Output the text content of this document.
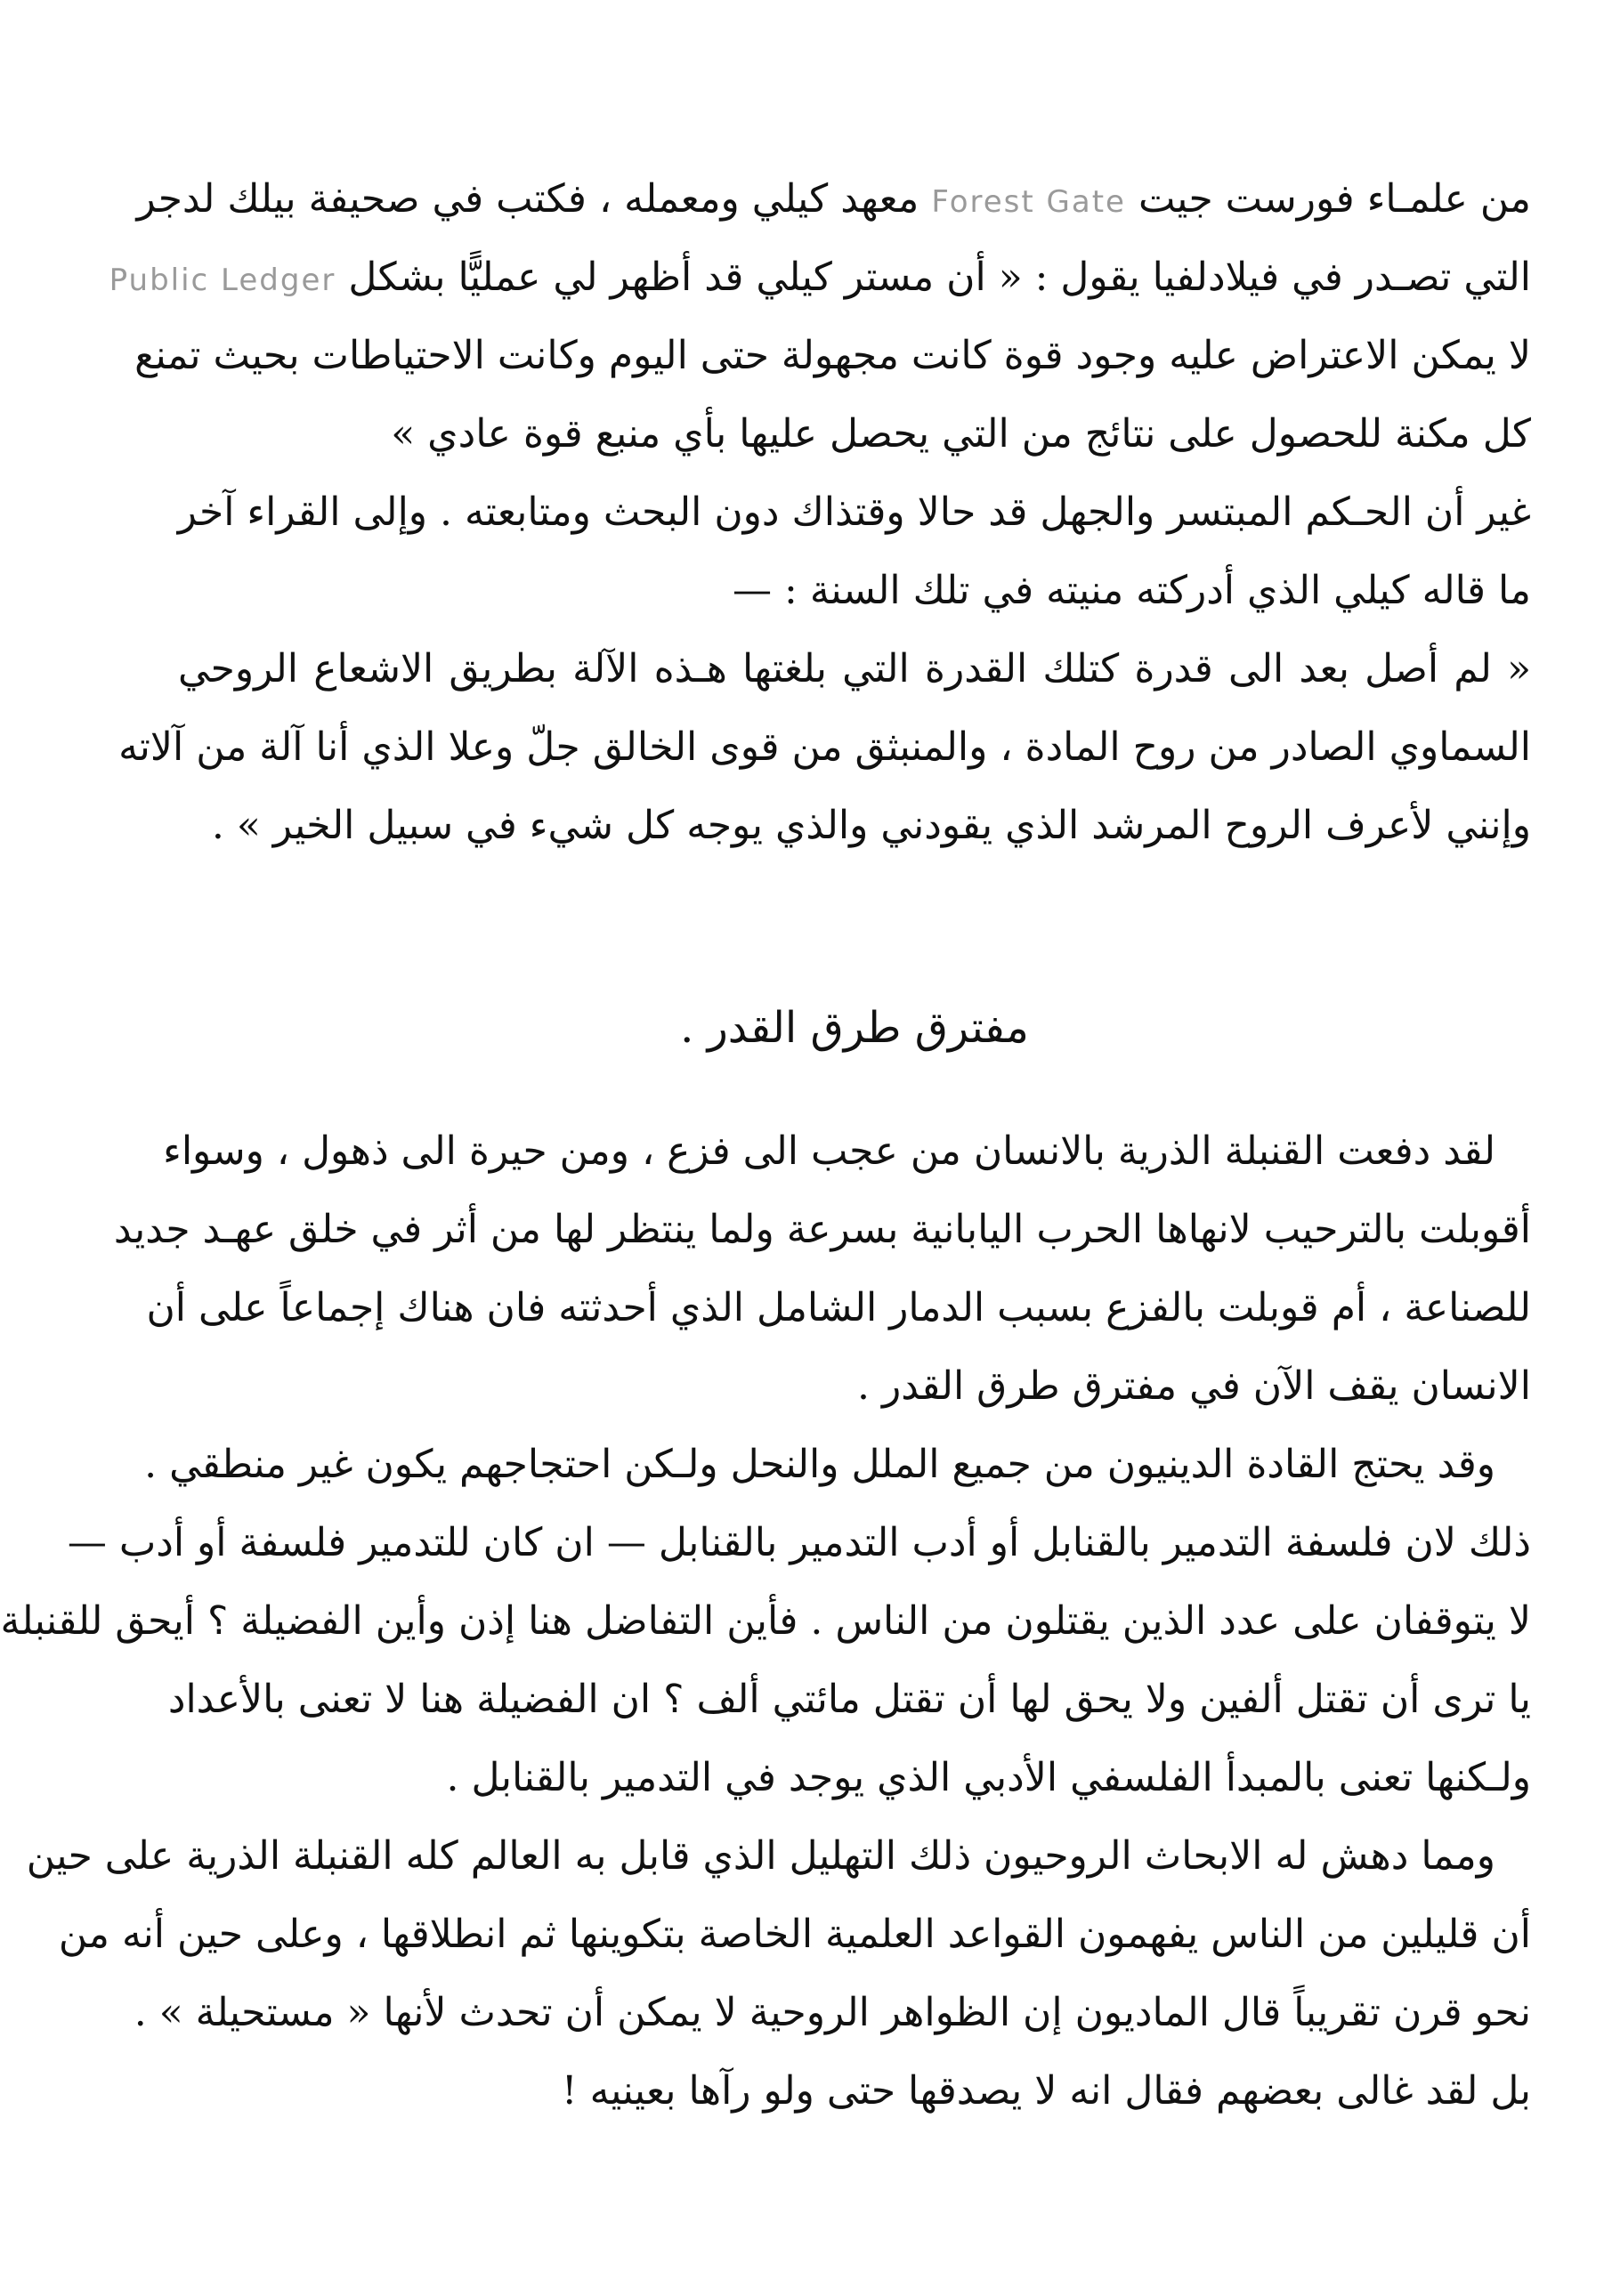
من علمـاء فورست جيت Forest Gate معهد كيلي ومعمله ، فكتب في صحيفة بيلك لدجر
التي تصـدر في فيلادلفيا يقول : « أن مستر كيلي قد أظهر لي عمليًّا بشكل Public Ledger
لا يمكن الاعتراض عليه وجود قوة كانت مجهولة حتى اليوم وكانت الاحتياطات بحيث تمنع
كل مكنة للحصول على نتائج من التي يحصل عليها بأي منبع قوة عادي »
غير أن الحـكم المبتسر والجهل قد حالا وقتذاك دون البحث ومتابعته . وإلى القراء آخر
ما قاله كيلي الذي أدركته منيته في تلك السنة : —
« لم أصل بعد الى قدرة كتلك القدرة التي بلغتها هـذه الآلة بطريق الاشعاع الروحي
السماوي الصادر من روح المادة ، والمنبثق من قوى الخالق جلّ وعلا الذي أنا آلة من آلاته
وإنني لأعرف الروح المرشد الذي يقودني والذي يوجه كل شيء في سبيل الخير » .
مفترق طرق القدر .
لقد دفعت القنبلة الذرية بالانسان من عجب الى فزع ، ومن حيرة الى ذهول ، وسواء
أقوبلت بالترحيب لانهاها الحرب اليابانية بسرعة ولما ينتظر لها من أثر في خلق عهـد جديد
للصناعة ، أم قوبلت بالفزع بسبب الدمار الشامل الذي أحدثته فان هناك إجماعاً على أن
الانسان يقف الآن في مفترق طرق القدر .
وقد يحتج القادة الدينيون من جميع الملل والنحل ولـكن احتجاجهم يكون غير منطقي .
ذلك لان فلسفة التدمير بالقنابل أو أدب التدمير بالقنابل — ان كان للتدمير فلسفة أو أدب —
لا يتوقفان على عدد الذين يقتلون من الناس . فأين التفاضل هنا إذن وأين الفضيلة ؟ أيحق للقنبلة
يا ترى أن تقتل ألفين ولا يحق لها أن تقتل مائتي ألف ؟ ان الفضيلة هنا لا تعنى بالأعداد
ولـكنها تعنى بالمبدأ الفلسفي الأدبي الذي يوجد في التدمير بالقنابل .
ومما دهش له الابحاث الروحيون ذلك التهليل الذي قابل به العالم كله القنبلة الذرية على حين
أن قليلين من الناس يفهمون القواعد العلمية الخاصة بتكوينها ثم انطلاقها ، وعلى حين أنه من
نحو قرن تقريباً قال الماديون إن الظواهر الروحية لا يمكن أن تحدث لأنها « مستحيلة » .
بل لقد غالى بعضهم فقال انه لا يصدقها حتى ولو رآها بعينيه !
